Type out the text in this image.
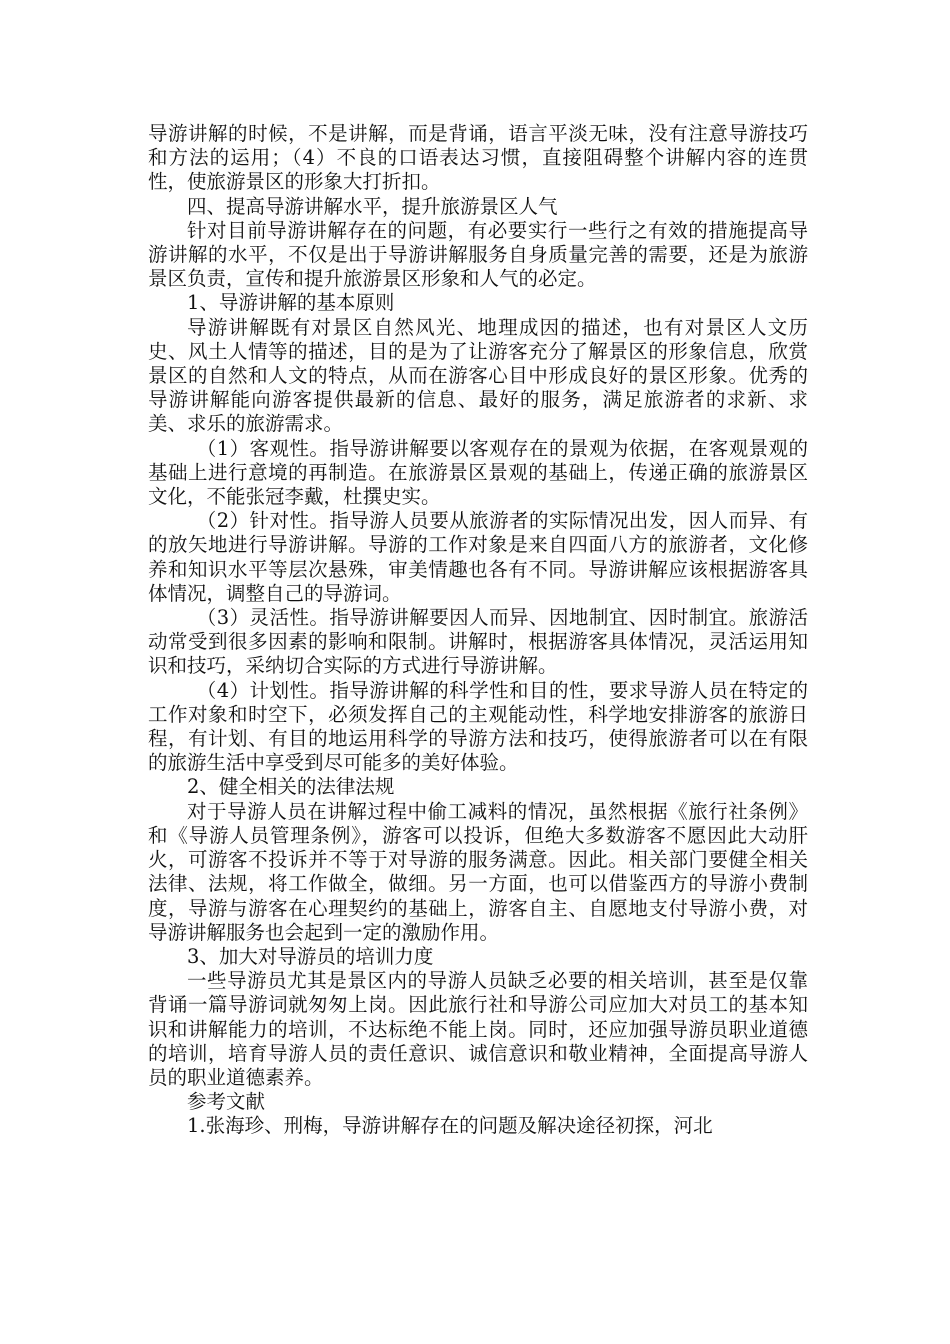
导游讲解的时候，不是讲解，而是背诵，语言平淡无味，没有注意导游技巧和方法的运用；（4）不良的口语表达习惯，直接阻碍整个讲解内容的连贯性，使旅游景区的形象大打折扣。

四、提高导游讲解水平，提升旅游景区人气

针对目前导游讲解存在的问题，有必要实行一些行之有效的措施提高导游讲解的水平，不仅是出于导游讲解服务自身质量完善的需要，还是为旅游景区负责，宣传和提升旅游景区形象和人气的必定。

1、导游讲解的基本原则

导游讲解既有对景区自然风光、地理成因的描述，也有对景区人文历史、风土人情等的描述，目的是为了让游客充分了解景区的形象信息，欣赏景区的自然和人文的特点，从而在游客心目中形成良好的景区形象。优秀的导游讲解能向游客提供最新的信息、最好的服务，满足旅游者的求新、求美、求乐的旅游需求。

（1）客观性。指导游讲解要以客观存在的景观为依据，在客观景观的基础上进行意境的再制造。在旅游景区景观的基础上，传递正确的旅游景区文化，不能张冠李戴，杜撰史实。

（2）针对性。指导游人员要从旅游者的实际情况出发，因人而异、有的放矢地进行导游讲解。导游的工作对象是来自四面八方的旅游者，文化修养和知识水平等层次悬殊，审美情趣也各有不同。导游讲解应该根据游客具体情况，调整自己的导游词。

（3）灵活性。指导游讲解要因人而异、因地制宜、因时制宜。旅游活动常受到很多因素的影响和限制。讲解时，根据游客具体情况，灵活运用知识和技巧，采纳切合实际的方式进行导游讲解。

（4）计划性。指导游讲解的科学性和目的性，要求导游人员在特定的工作对象和时空下，必须发挥自己的主观能动性，科学地安排游客的旅游日程，有计划、有目的地运用科学的导游方法和技巧，使得旅游者可以在有限的旅游生活中享受到尽可能多的美好体验。

2、健全相关的法律法规

对于导游人员在讲解过程中偷工减料的情况，虽然根据《旅行社条例》和《导游人员管理条例》，游客可以投诉，但绝大多数游客不愿因此大动肝火，可游客不投诉并不等于对导游的服务满意。因此。相关部门要健全相关法律、法规，将工作做全，做细。另一方面，也可以借鉴西方的导游小费制度，导游与游客在心理契约的基础上，游客自主、自愿地支付导游小费，对导游讲解服务也会起到一定的激励作用。

3、加大对导游员的培训力度

一些导游员尤其是景区内的导游人员缺乏必要的相关培训，甚至是仅靠背诵一篇导游词就匆匆上岗。因此旅行社和导游公司应加大对员工的基本知识和讲解能力的培训，不达标绝不能上岗。同时，还应加强导游员职业道德的培训，培育导游人员的责任意识、诚信意识和敬业精神，全面提高导游人员的职业道德素养。

参考文献

1.张海珍、刑梅，导游讲解存在的问题及解决途径初探，河北
